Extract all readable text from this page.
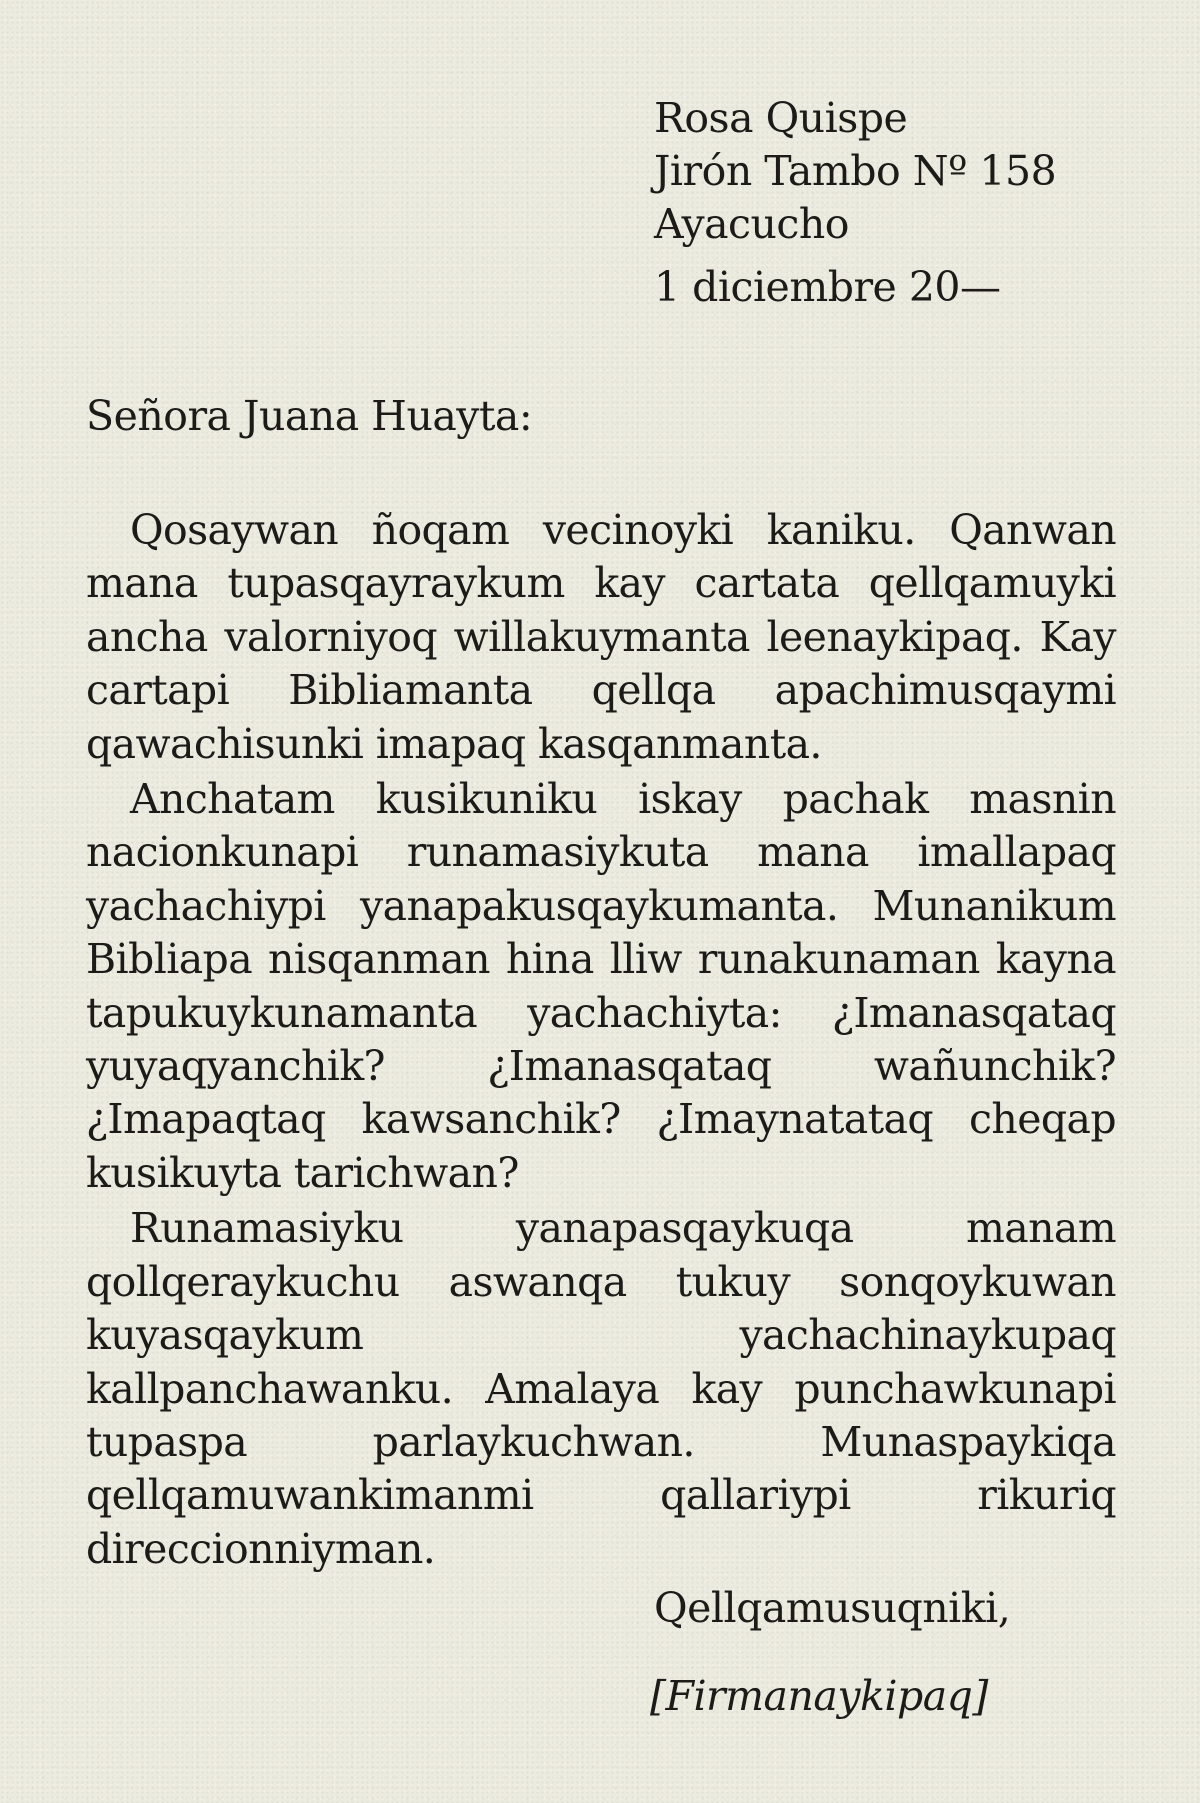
Rosa Quispe
Jirón Tambo Nº 158
Ayacucho
1 diciembre 20—
Señora Juana Huayta:

Qosaywan ñoqam vecinoyki kaniku. Qanwan mana tupasqayraykum kay cartata qellqamuyki ancha valorniyoq willakuymanta leenaykipaq. Kay cartapi Bibliamanta qellqa apachimusqaymi qawachisunki imapaq kasqanmanta.

Anchatam kusikuniku iskay pachak masnin nacionkunapi runamasiykuta mana imallapaq yachachiypi yanapakusqaykumanta. Munanikum Bibliapa nisqanman hina lliw runakunaman kayna tapukuykunamanta yachachiyta: ¿Imanasqataq yuyaqyanchik? ¿Imanasqataq wañunchik? ¿Imapaqtaq kawsanchik? ¿Imaynatataq cheqap kusikuyta tarichwan?

Runamasiyku yanapasqaykuqa manam qollqeraykuchu aswanqa tukuy sonqoykuwan kuyasqaykum yachachinaykupaq kallpanchawanku. Amalaya kay punchawkunapi tupaspa parlaykuchwan. Munaspaykiqa qellqamuwankimanmi qallariypi rikuriq direccionniyman.

Qellqamusuqniki,
[Firmanaykipaq]
